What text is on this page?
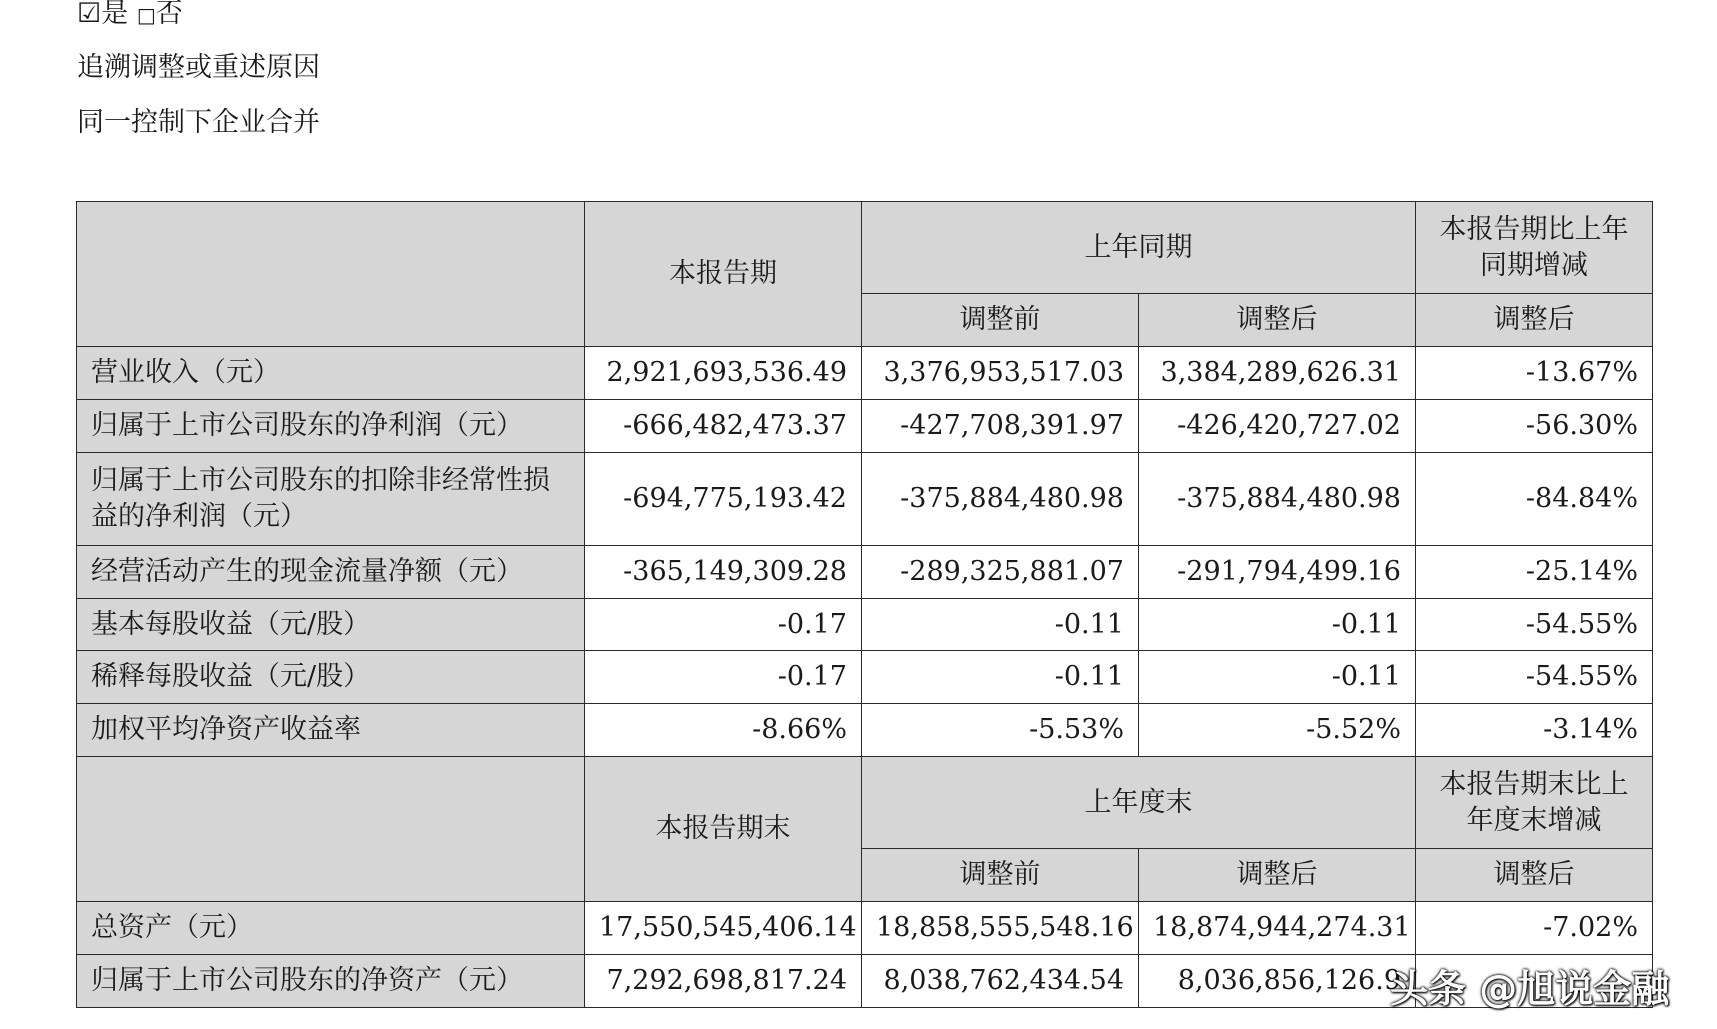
☑是 □否
追溯调整或重述原因
同一控制下企业合并
	本报告期	上年同期		本报告期比上年同期增减
		调整前	调整后	调整后
营业收入（元）	2,921,693,536.49	3,376,953,517.03	3,384,289,626.31	-13.67%
归属于上市公司股东的净利润（元）	-666,482,473.37	-427,708,391.97	-426,420,727.02	-56.30%
归属于上市公司股东的扣除非经常性损益的净利润（元）	-694,775,193.42	-375,884,480.98	-375,884,480.98	-84.84%
经营活动产生的现金流量净额（元）	-365,149,309.28	-289,325,881.07	-291,794,499.16	-25.14%
基本每股收益（元/股）	-0.17	-0.11	-0.11	-54.55%
稀释每股收益（元/股）	-0.17	-0.11	-0.11	-54.55%
加权平均净资产收益率	-8.66%	-5.53%	-5.52%	-3.14%
	本报告期末	上年度末		本报告期末比上年度末增减
		调整前	调整后	调整后
总资产（元）	17,550,545,406.14	18,858,555,548.16	18,874,944,274.31	-7.02%
归属于上市公司股东的净资产（元）	7,292,698,817.24	8,038,762,434.54	8,036,856,126.9	
头条 @旭说金融
